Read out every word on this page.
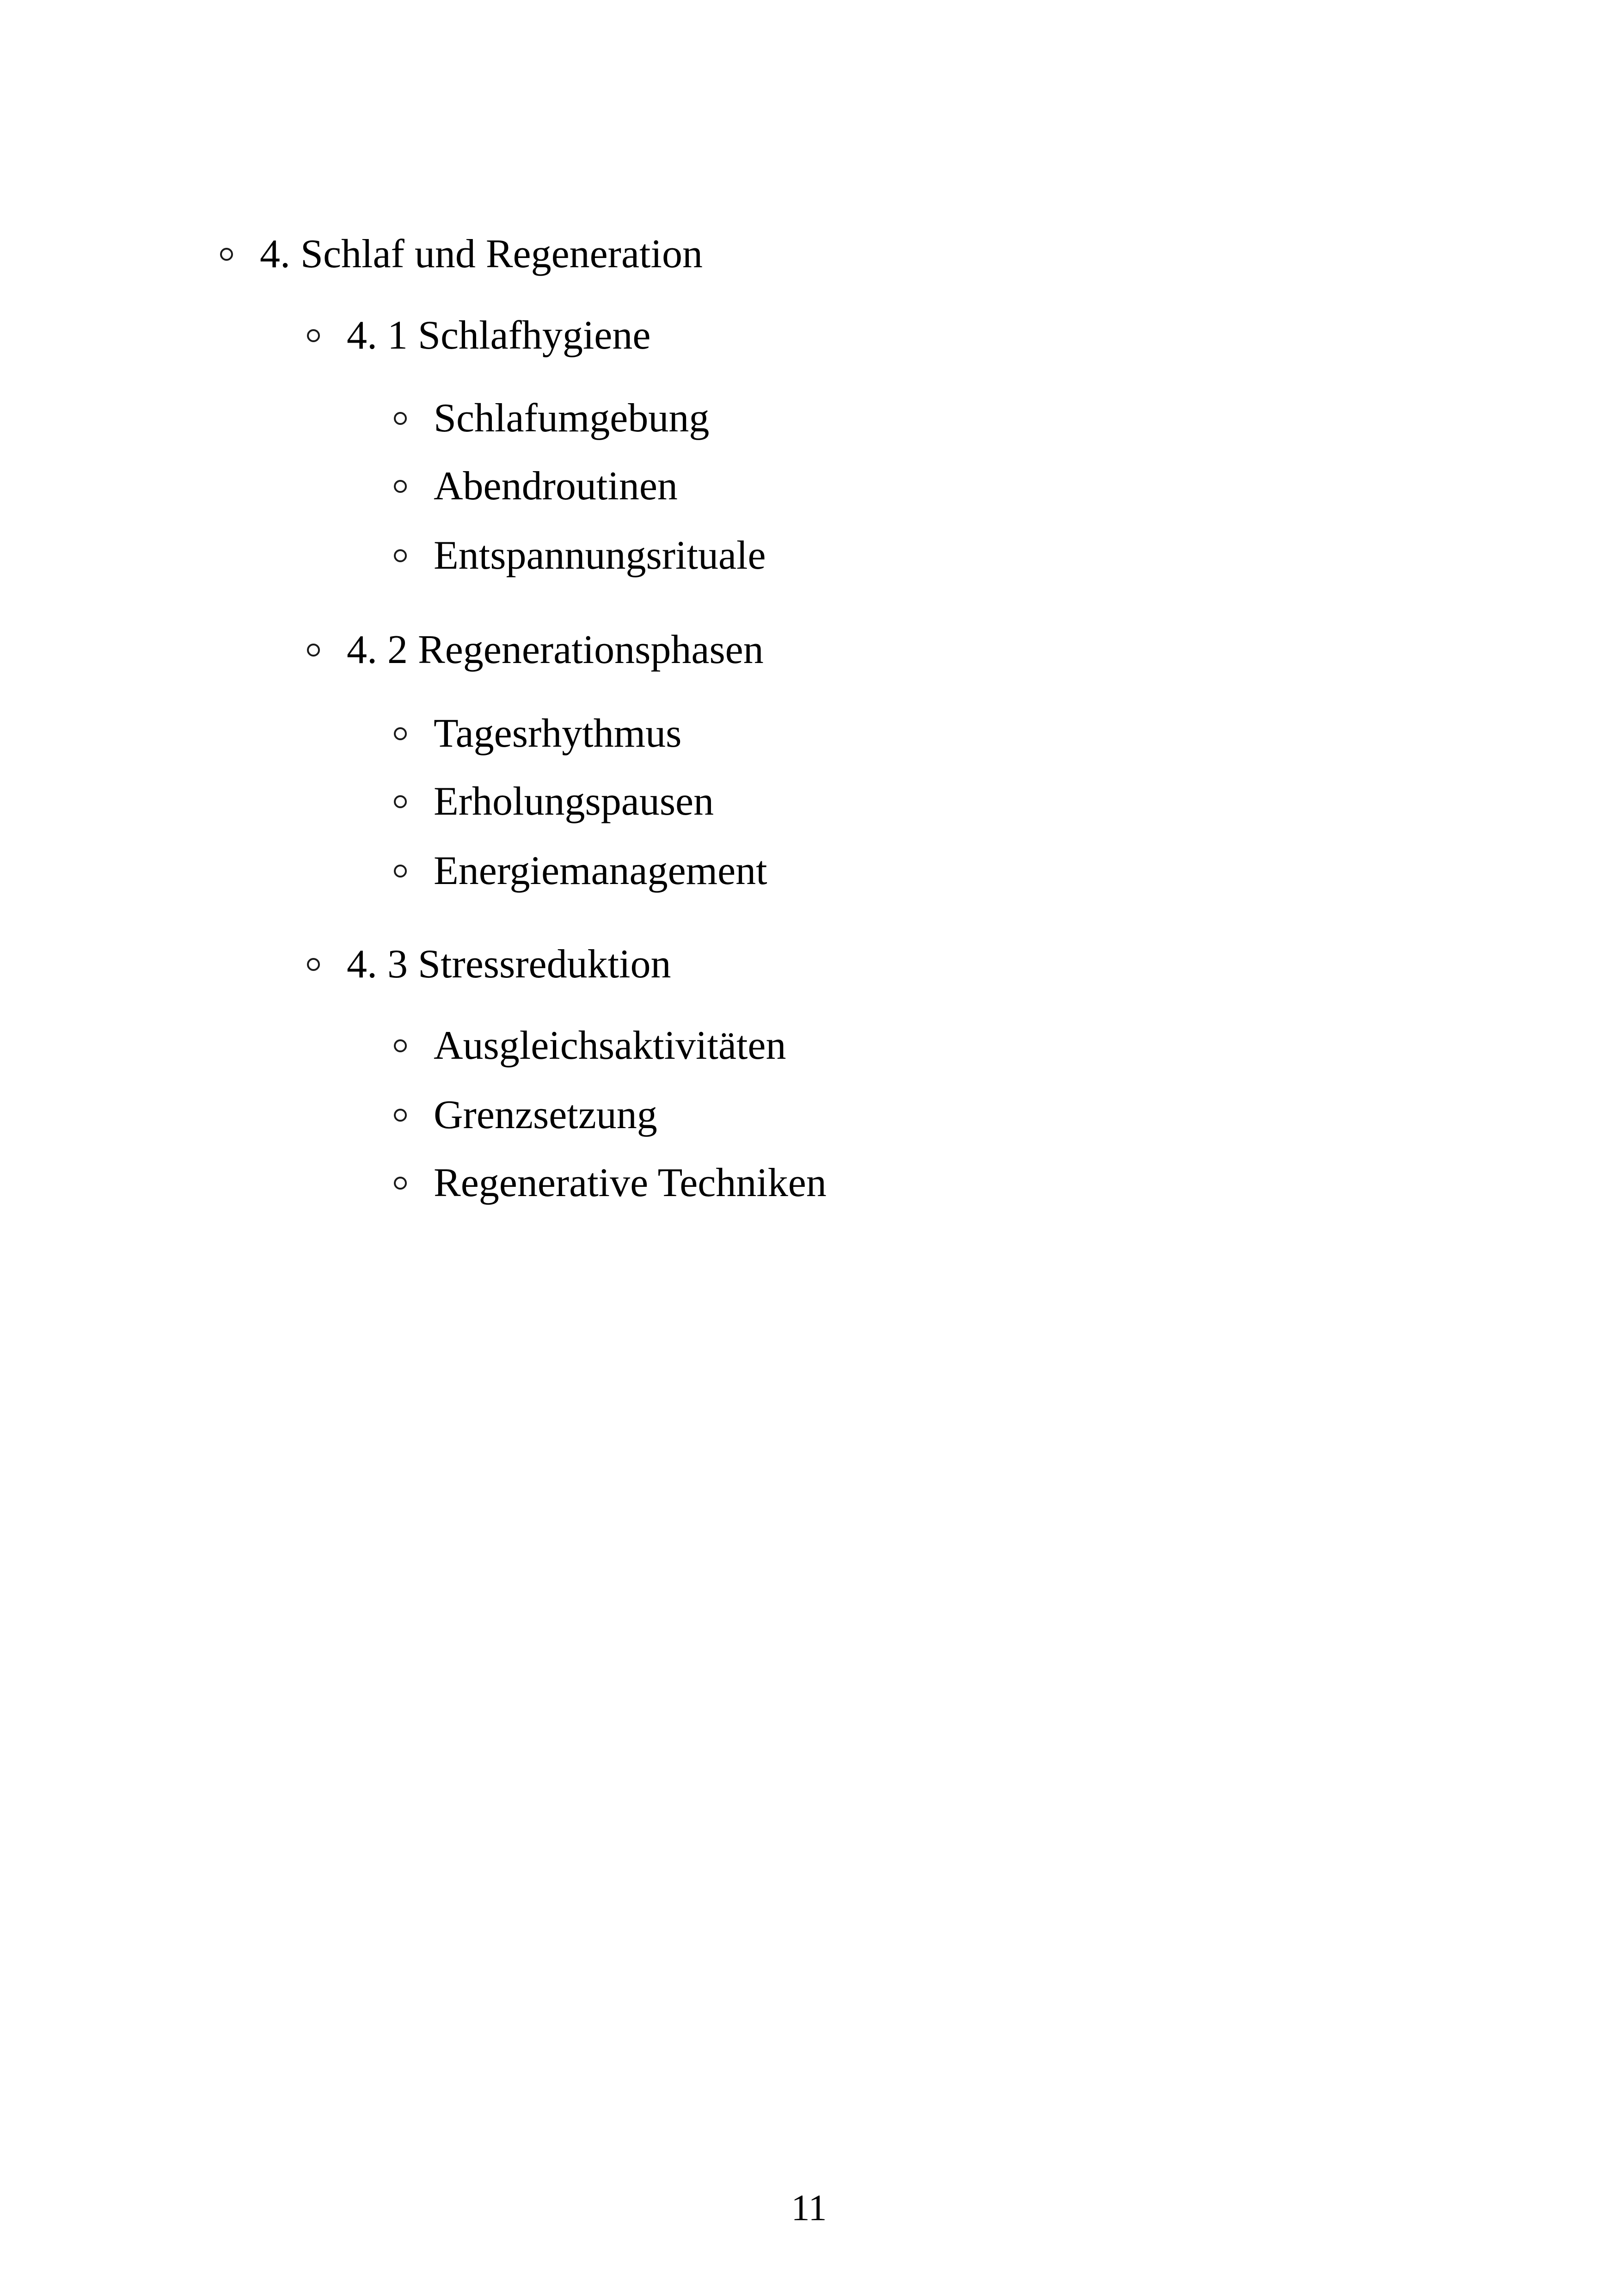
4. Schlaf und Regeneration
4. 1 Schlafhygiene
Schlafumgebung
Abendroutinen
Entspannungsrituale
4. 2 Regenerationsphasen
Tagesrhythmus
Erholungspausen
Energiemanagement
4. 3 Stressreduktion
Ausgleichsaktivitäten
Grenzsetzung
Regenerative Techniken
11
